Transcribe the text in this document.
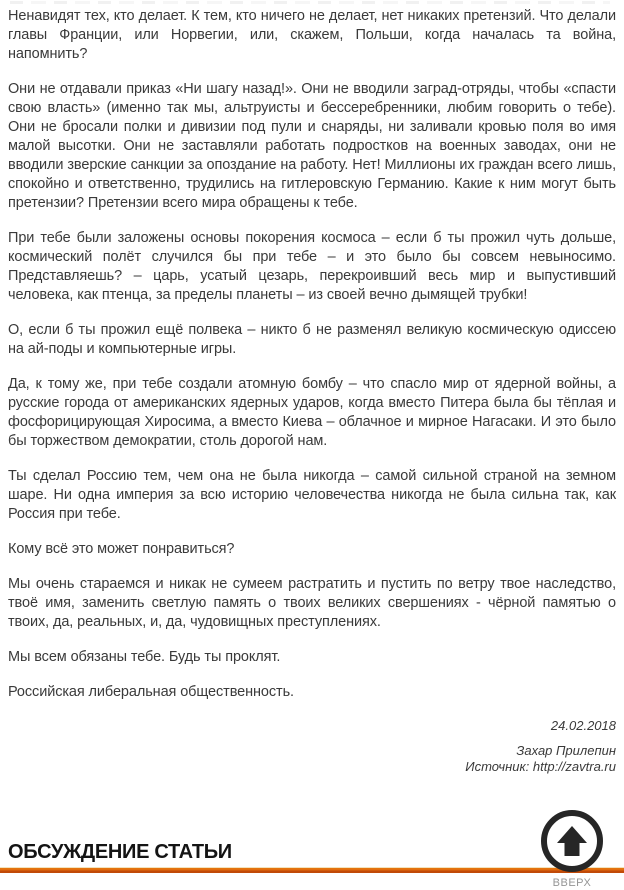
Ненавидят тех, кто делает. К тем, кто ничего не делает, нет никаких претензий. Что делали главы Франции, или Норвегии, или, скажем, Польши, когда началась та война, напомнить?

Они не отдавали приказ «Ни шагу назад!». Они не вводили заград-отряды, чтобы «спасти свою власть» (именно так мы, альтруисты и бессеребренники, любим говорить о тебе). Они не бросали полки и дивизии под пули и снаряды, ни заливали кровью поля во имя малой высотки. Они не заставляли работать подростков на военных заводах, они не вводили зверские санкции за опоздание на работу. Нет! Миллионы их граждан всего лишь, спокойно и ответственно, трудились на гитлеровскую Германию. Какие к ним могут быть претензии? Претензии всего мира обращены к тебе.

При тебе были заложены основы покорения космоса – если б ты прожил чуть дольше, космический полёт случился бы при тебе – и это было бы совсем невыносимо. Представляешь? – царь, усатый цезарь, перекроивший весь мир и выпустивший человека, как птенца, за пределы планеты – из своей вечно дымящей трубки!

О, если б ты прожил ещё полвека – никто б не разменял великую космическую одиссею на ай-поды и компьютерные игры.

Да, к тому же, при тебе создали атомную бомбу – что спасло мир от ядерной войны, а русские города от американских ядерных ударов, когда вместо Питера была бы тёплая и фосфорицирующая Хиросима, а вместо Киева – облачное и мирное Нагасаки. И это было бы торжеством демократии, столь дорогой нам.

Ты сделал Россию тем, чем она не была никогда – самой сильной страной на земном шаре. Ни одна империя за всю историю человечества никогда не была сильна так, как Россия при тебе.

Кому всё это может понравиться?

Мы очень стараемся и никак не сумеем растратить и пустить по ветру твое наследство, твоё имя, заменить светлую память о твоих великих свершениях - чёрной памятью о твоих, да, реальных, и, да, чудовищных преступлениях.

Мы всем обязаны тебе. Будь ты проклят.

Российская либеральная общественность.

24.02.2018
Захар Прилепин
Источник: http://zavtra.ru
ОБСУЖДЕНИЕ СТАТЬИ
ВВЕРХ
